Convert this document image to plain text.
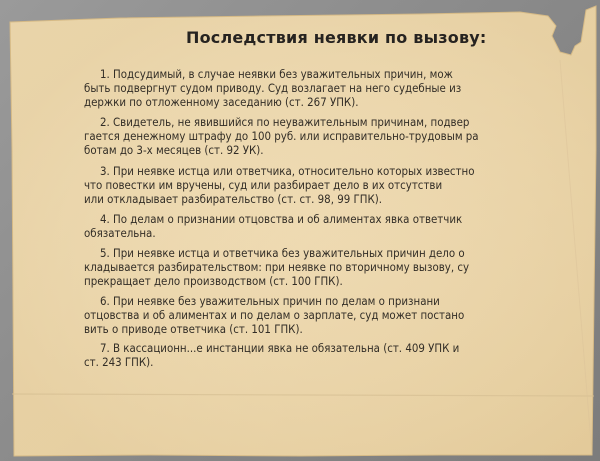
Последствия неявки по вызову:
1. Подсудимый, в случае неявки без уважительных причин, мож
быть подвергнут судом приводу. Суд возлагает на него судебные из
держки по отложенному заседанию (ст. 267 УПК).
2. Свидетель, не явившийся по неуважительным причинам, подвер
гается денежному штрафу до 100 руб. или исправительно-трудовым ра
ботам до 3-х месяцев (ст. 92 УК).
3. При неявке истца или ответчика, относительно которых известно
что повестки им вручены, суд или разбирает дело в их отсутстви
или откладывает разбирательство (ст. ст. 98, 99 ГПК).
4. По делам о признании отцовства и об алиментах явка ответчик
обязательна.
5. При неявке истца и ответчика без уважительных причин дело о
кладывается разбирательством: при неявке по вторичному вызову, су
прекращает дело производством (ст. 100 ГПК).
6. При неявке без уважительных причин по делам о признани
отцовства и об алиментах и по делам о зарплате, суд может постано
вить о приводе ответчика (ст. 101 ГПК).
7. В кассационн...е инстанции явка не обязательна (ст. 409 УПК и
ст. 243 ГПК).
